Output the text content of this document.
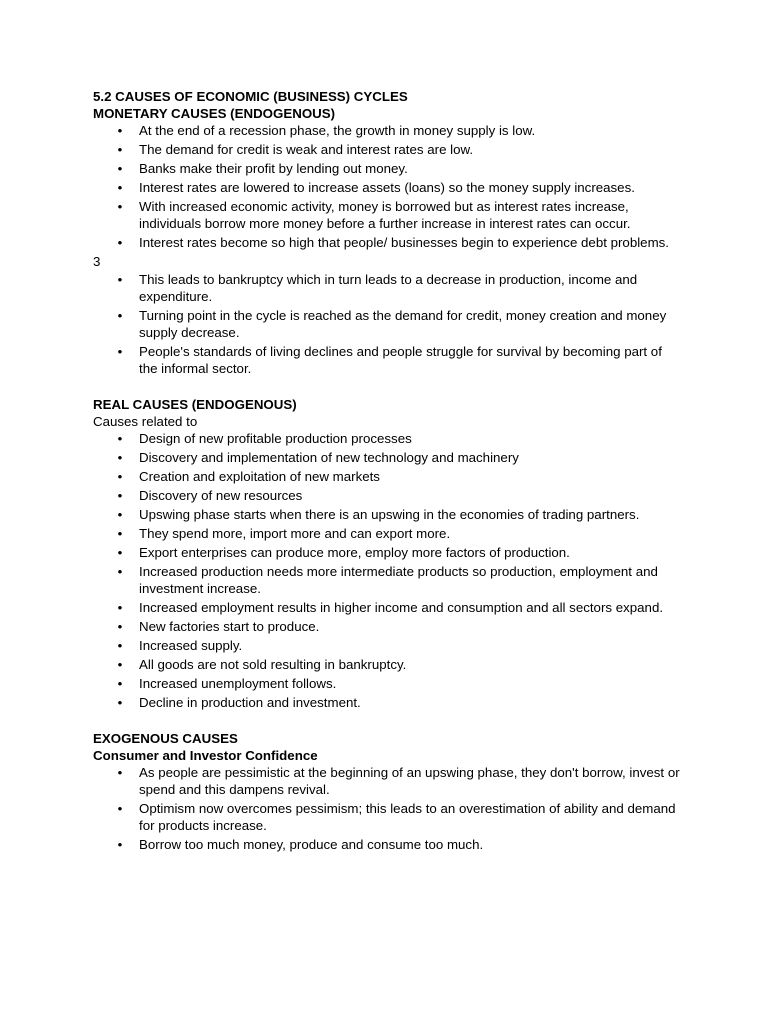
5.2 CAUSES OF ECONOMIC (BUSINESS) CYCLES

MONETARY CAUSES (ENDOGENOUS)

• At the end of a recession phase, the growth in money supply is low.
• The demand for credit is weak and interest rates are low.
• Banks make their profit by lending out money.
• Interest rates are lowered to increase assets (loans) so the money supply increases.
• With increased economic activity, money is borrowed but as interest rates increase, individuals borrow more money before a further increase in interest rates can occur.
• Interest rates become so high that people/ businesses begin to experience debt problems.

3

• This leads to bankruptcy which in turn leads to a decrease in production, income and expenditure.
• Turning point in the cycle is reached as the demand for credit, money creation and money supply decrease.
• People's standards of living declines and people struggle for survival by becoming part of the informal sector.

REAL CAUSES (ENDOGENOUS)

Causes related to

• Design of new profitable production processes
• Discovery and implementation of new technology and machinery
• Creation and exploitation of new markets
• Discovery of new resources
• Upswing phase starts when there is an upswing in the economies of trading partners.
• They spend more, import more and can export more.
• Export enterprises can produce more, employ more factors of production.
• Increased production needs more intermediate products so production, employment and investment increase.
• Increased employment results in higher income and consumption and all sectors expand.
• New factories start to produce.
• Increased supply.
• All goods are not sold resulting in bankruptcy.
• Increased unemployment follows.
• Decline in production and investment.

EXOGENOUS CAUSES

Consumer and Investor Confidence

• As people are pessimistic at the beginning of an upswing phase, they don't borrow, invest or spend and this dampens revival.
• Optimism now overcomes pessimism; this leads to an overestimation of ability and demand for products increase.
• Borrow too much money, produce and consume too much.
